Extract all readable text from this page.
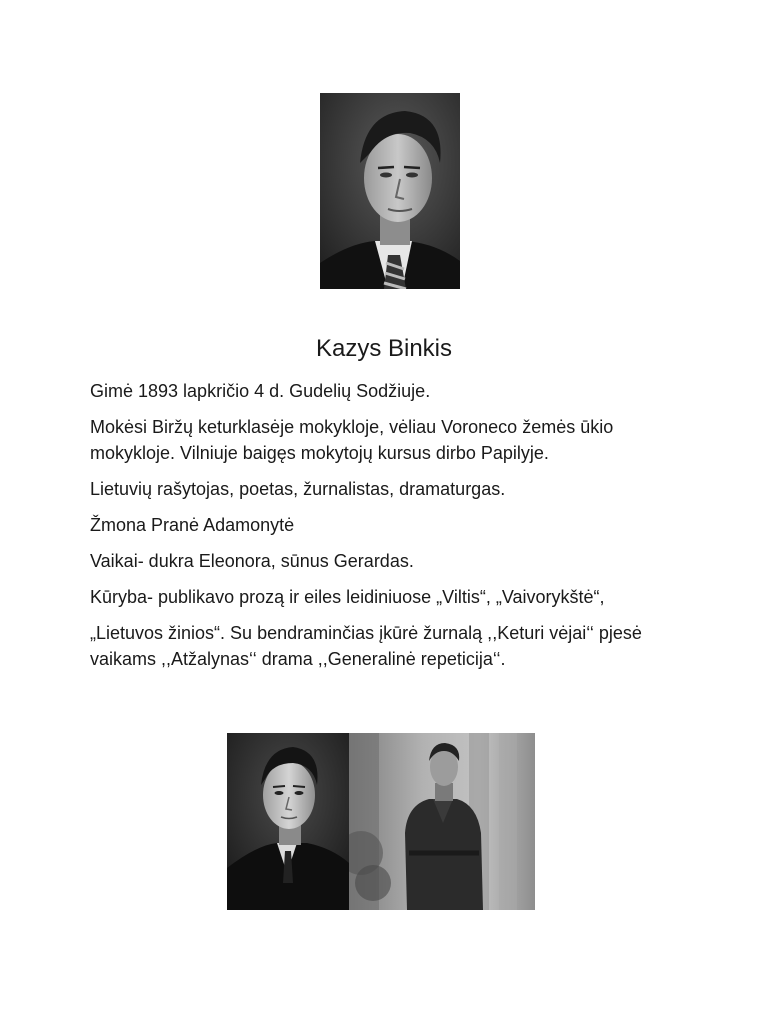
Kazys Binkis

Gimė 1893 lapkričio 4 d. Gudelių Sodžiuje.

Mokėsi Biržų keturklasėje mokykloje, vėliau Voroneco žemės ūkio mokykloje. Vilniuje baigęs mokytojų kursus dirbo Papilyje.

Lietuvių rašytojas, poetas, žurnalistas, dramaturgas.

Žmona Pranė Adamonytė

Vaikai- dukra Eleonora, sūnus Gerardas.

Kūryba- publikavo prozą ir eiles leidiniuose „Viltis“, „Vaivorykštė“,

„Lietuvos žinios“. Su bendraminčias įkūrė žurnalą ,,Keturi vėjai‘‘ pjesė vaikams ,,Atžalynas‘‘ drama ,,Generalinė repeticija‘‘.
